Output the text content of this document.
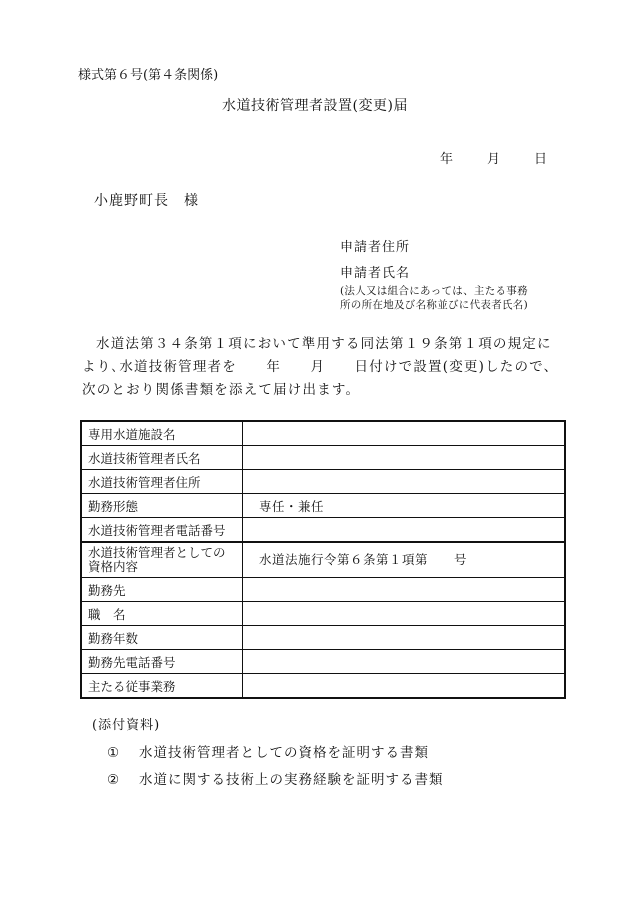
様式第６号(第４条関係)
水道技術管理者設置(変更)届
年	月	日
小鹿野町長　様
申請者住所
申請者氏名
(法人又は組合にあっては、主たる事務
所の所在地及び名称並びに代表者氏名)

水道法第３４条第１項において準用する同法第１９条第１項の規定に

より､水道技術管理者を　　年　　月　　日付けで設置(変更)したので、

次のとおり関係書類を添えて届け出ます。

専用水道施設名	
水道技術管理者氏名	
水道技術管理者住所	
勤務形態	専任・兼任
水道技術管理者電話番号	

水道技術管理者としての
資格内容	水道法施行令第６条第１項第　　号
勤務先	
職　名	
勤務年数	
勤務先電話番号	
主たる従事業務	
(添付資料)
① 水道技術管理者としての資格を証明する書類
② 水道に関する技術上の実務経験を証明する書類
